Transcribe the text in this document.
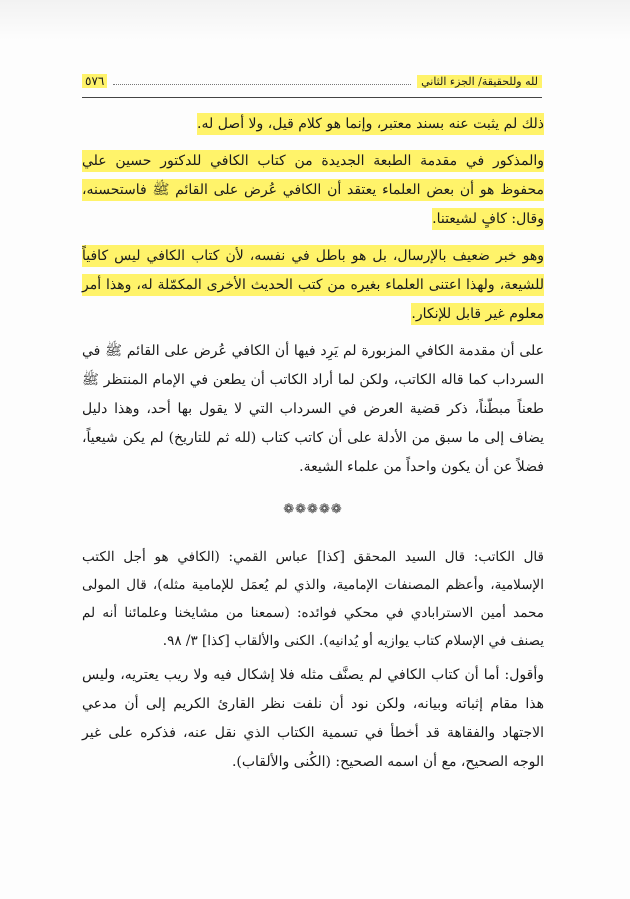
٥٧٦	لله وللحقيقة/ الجزء الثاني

ذلك لم يثبت عنه بسند معتبر، وإنما هو كلام قيل، ولا أصل له.

والمذكور في مقدمة الطبعة الجديدة من كتاب الكافي للدكتور حسين علي محفوظ هو أن بعض العلماء يعتقد أن الكافي عُرض على القائم ﷺ فاستحسنه، وقال: كافٍ لشيعتنا.

وهو خبر ضعيف بالإرسال، بل هو باطل في نفسه، لأن كتاب الكافي ليس كافياً للشيعة، ولهذا اعتنى العلماء بغيره من كتب الحديث الأخرى المكمّلة له، وهذا أمر معلوم غير قابل للإنكار.

على أن مقدمة الكافي المزبورة لم يَرِد فيها أن الكافي عُرض على القائم ﷺ في السرداب كما قاله الكاتب، ولكن لما أراد الكاتب أن يطعن في الإمام المنتظر ﷺ طعناً مبطّناً، ذكر قضية العرض في السرداب التي لا يقول بها أحد، وهذا دليل يضاف إلى ما سبق من الأدلة على أن كاتب كتاب (لله ثم للتاريخ) لم يكن شيعياً، فضلاً عن أن يكون واحداً من علماء الشيعة.

❁❁❁❁❁

قال الكاتب: قال السيد المحقق [كذا] عباس القمي: (الكافي هو أجل الكتب الإسلامية، وأعظم المصنفات الإمامية، والذي لم يُعمَل للإمامية مثله)، قال المولى محمد أمين الاسترابادي في محكي فوائده: (سمعنا من مشايخنا وعلمائنا أنه لم يصنف في الإسلام كتاب يوازيه أو يُدانيه). الكنى والألقاب [كذا] ٣/ ٩٨.

وأقول: أما أن كتاب الكافي لم يصنَّف مثله فلا إشكال فيه ولا ريب يعتريه، وليس هذا مقام إثباته وبيانه، ولكن نود أن نلفت نظر القارئ الكريم إلى أن مدعي الاجتهاد والفقاهة قد أخطأ في تسمية الكتاب الذي نقل عنه، فذكره على غير الوجه الصحيح، مع أن اسمه الصحيح: (الكُنى والألقاب).
